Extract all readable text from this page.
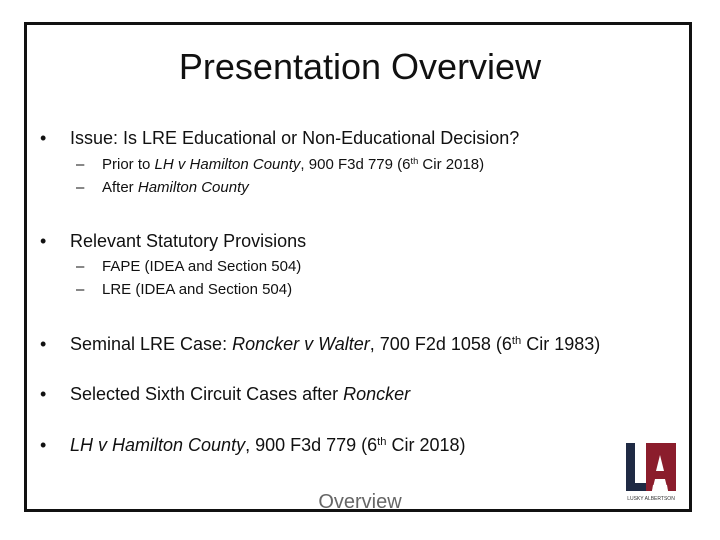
Presentation Overview
• Issue: Is LRE Educational or Non-Educational Decision?
– Prior to LH v Hamilton County, 900 F3d 779 (6th Cir 2018)
– After Hamilton County
• Relevant Statutory Provisions
– FAPE (IDEA and Section 504)
– LRE (IDEA and Section 504)
• Seminal LRE Case: Roncker v Walter, 700 F2d 1058 (6th Cir 1983)
• Selected Sixth Circuit Cases after Roncker
• LH v Hamilton County, 900 F3d 779 (6th Cir 2018)
Overview	LUSKY ALBERTSON
